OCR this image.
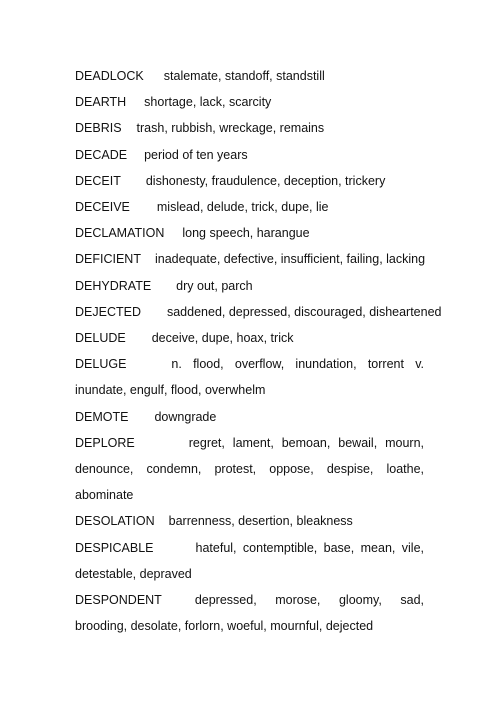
DEADLOCK stalemate, standoff, standstill

DEARTH shortage, lack, scarcity

DEBRIS trash, rubbish, wreckage, remains

DECADE period of ten years

DECEIT dishonesty, fraudulence, deception, trickery

DECEIVE mislead, delude, trick, dupe, lie

DECLAMATION long speech, harangue

DEFICIENT inadequate, defective, insufficient, failing, lacking

DEHYDRATE dry out, parch

DEJECTED saddened, depressed, discouraged, disheartened

DELUDE deceive, dupe, hoax, trick

DELUGE	n. flood, overflow, inundation, torrent v. inundate, engulf, flood, overwhelm

DEMOTE downgrade

DEPLORE	regret, lament, bemoan, bewail, mourn, denounce, condemn, protest, oppose, despise, loathe, abominate

DESOLATION barrenness, desertion, bleakness

DESPICABLE	hateful, contemptible, base, mean, vile, detestable, depraved

DESPONDENT	depressed, morose, gloomy, sad, brooding, desolate, forlorn, woeful, mournful, dejected
